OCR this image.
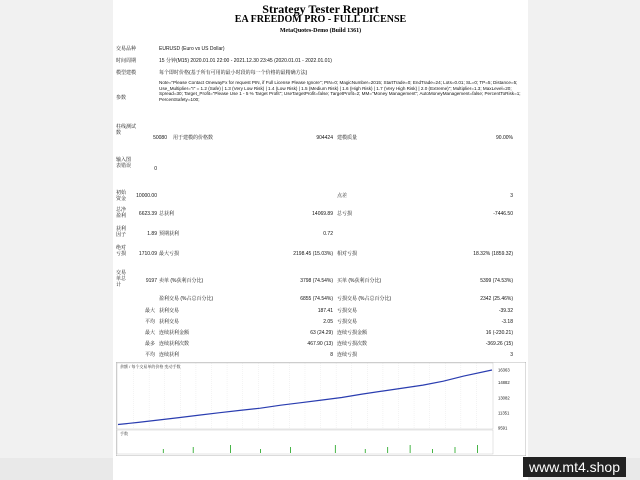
Strategy Tester Report
EA FREEDOM PRO - FULL LICENSE
MetaQuotes-Demo (Build 1361)
交易品种	EURUSD (Euro vs US Dollar)
时间周期	15 分钟(M15) 2020.01.01 22:00 - 2021.12.30 23:45 (2020.01.01 - 2022.01.01)
模型建模	每个即时价格(基于所有可用的最小时段的每一个价格的最精确方法)
参数
Note="Please Contact OnewayFx for request PIN, if Full License Please Ignore"; PIN=0; MagicNumber=2015; StartTrade=0; EndTrade=24; Lots=0.01; SL=0; TP=5; Distance=5; Use_Multiplier="I" = 1.2 (Safe) | 1.3 (Very Low Risk) | 1.4 (Low Risk) | 1.5 (Medium Risk) | 1.6 (High Risk) | 1.7 (Very High Risk) | 2.0 (Extreme)"; Multiplier=1.3; MaxLevel=20; Spread=30; Target_Profit="Please Use 1 - 5 % Target Profit"; UseTargetProfit=false; TargetProfit=2; MM="Money Management"; AutoMoneyManagement=false; PercentToRisk=1; PercentSafety=100;
柱线测试数
50080 用于建模的价格数	904424 建模质量	90.00%
输入图表错误	0
初始资金	10000.00	点差	3
总净盈利	6623.39 总获利	14069.89 总亏损	-7446.50
获利因子	1.89 预期获利	0.72
绝对亏损	1710.09 最大亏损	2198.45 (15.03%) 相对亏损	18.32% (1859.32)
交易单总计
9197 卖单 (%获利百分比)	3798 (74.54%) 买单 (%获利百分比)	5399 (74.53%)
盈利交易 (%占总百分比)	6855 (74.54%) 亏损交易 (%占总百分比)	2342 (25.46%)
最大 获利交易	187.41 亏损交易	-39.32
平均 获利交易	2.05 亏损交易	-3.18
最大 连续获利金额	63 (24.29) 连续亏损金额	16 (-230.21)
最多 连续获利次数	467.90 (13) 连续亏损次数	-369.26 (15)
平均 连续获利	8 连续亏损	3
16363
14882
13082
11351
9591
余额 / 每个交易单的价格 变动手数
手数
www.mt4.shop
